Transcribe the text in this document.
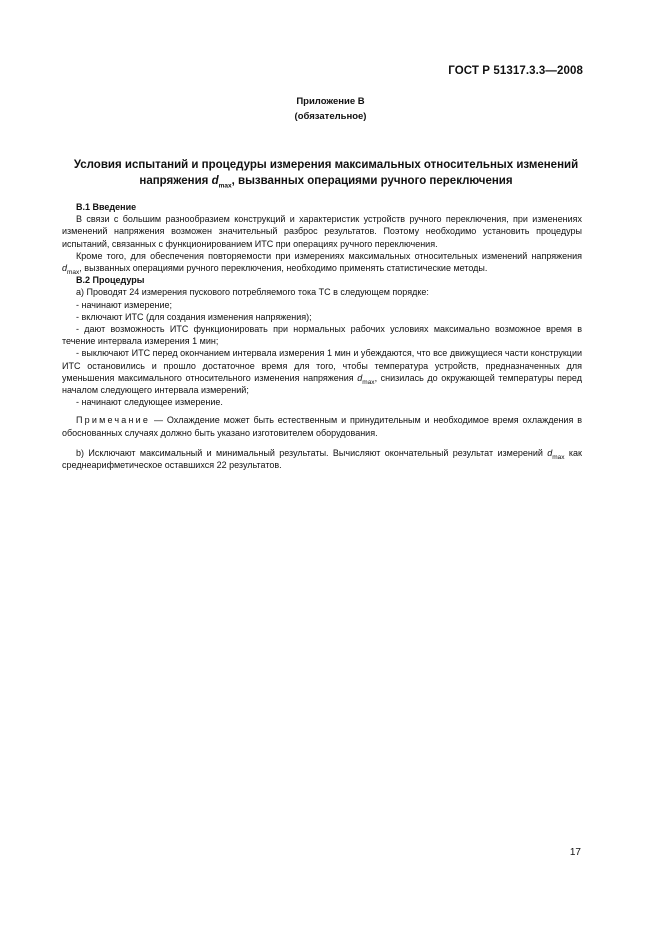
ГОСТ Р 51317.3.3—2008
Приложение В
(обязательное)
Условия испытаний и процедуры измерения максимальных относительных изменений
напряжения $d_{max}$, вызванных операциями ручного переключения

В.1 Введение

В связи с большим разнообразием конструкций и характеристик устройств ручного переключения, при изменениях изменений напряжения возможен значительный разброс результатов. Поэтому необходимо установить процедуры испытаний, связанных с функционированием ИТС при операциях ручного переключения.

Кроме того, для обеспечения повторяемости при измерениях максимальных относительных изменений напряжения $d_{max}$, вызванных операциями ручного переключения, необходимо применять статистические методы.

В.2 Процедуры

а) Проводят 24 измерения пускового потребляемого тока ТС в следующем порядке:

- начинают измерение;

- включают ИТС (для создания изменения напряжения);

- дают возможность ИТС функционировать при нормальных рабочих условиях максимально возможное время в течение интервала измерения 1 мин;

- выключают ИТС перед окончанием интервала измерения 1 мин и убеждаются, что все движущиеся части конструкции ИТС остановились и прошло достаточное время для того, чтобы температура устройств, предназначенных для уменьшения максимального относительного изменения напряжения $d_{max}$, снизилась до окружающей температуры перед началом следующего интервала измерений;

- начинают следующее измерение.

Примечание — Охлаждение может быть естественным и принудительным и необходимое время охлаждения в обоснованных случаях должно быть указано изготовителем оборудования.

b) Исключают максимальный и минимальный результаты. Вычисляют окончательный результат измерений $d_{max}$ как среднеарифметическое оставшихся 22 результатов.

17
